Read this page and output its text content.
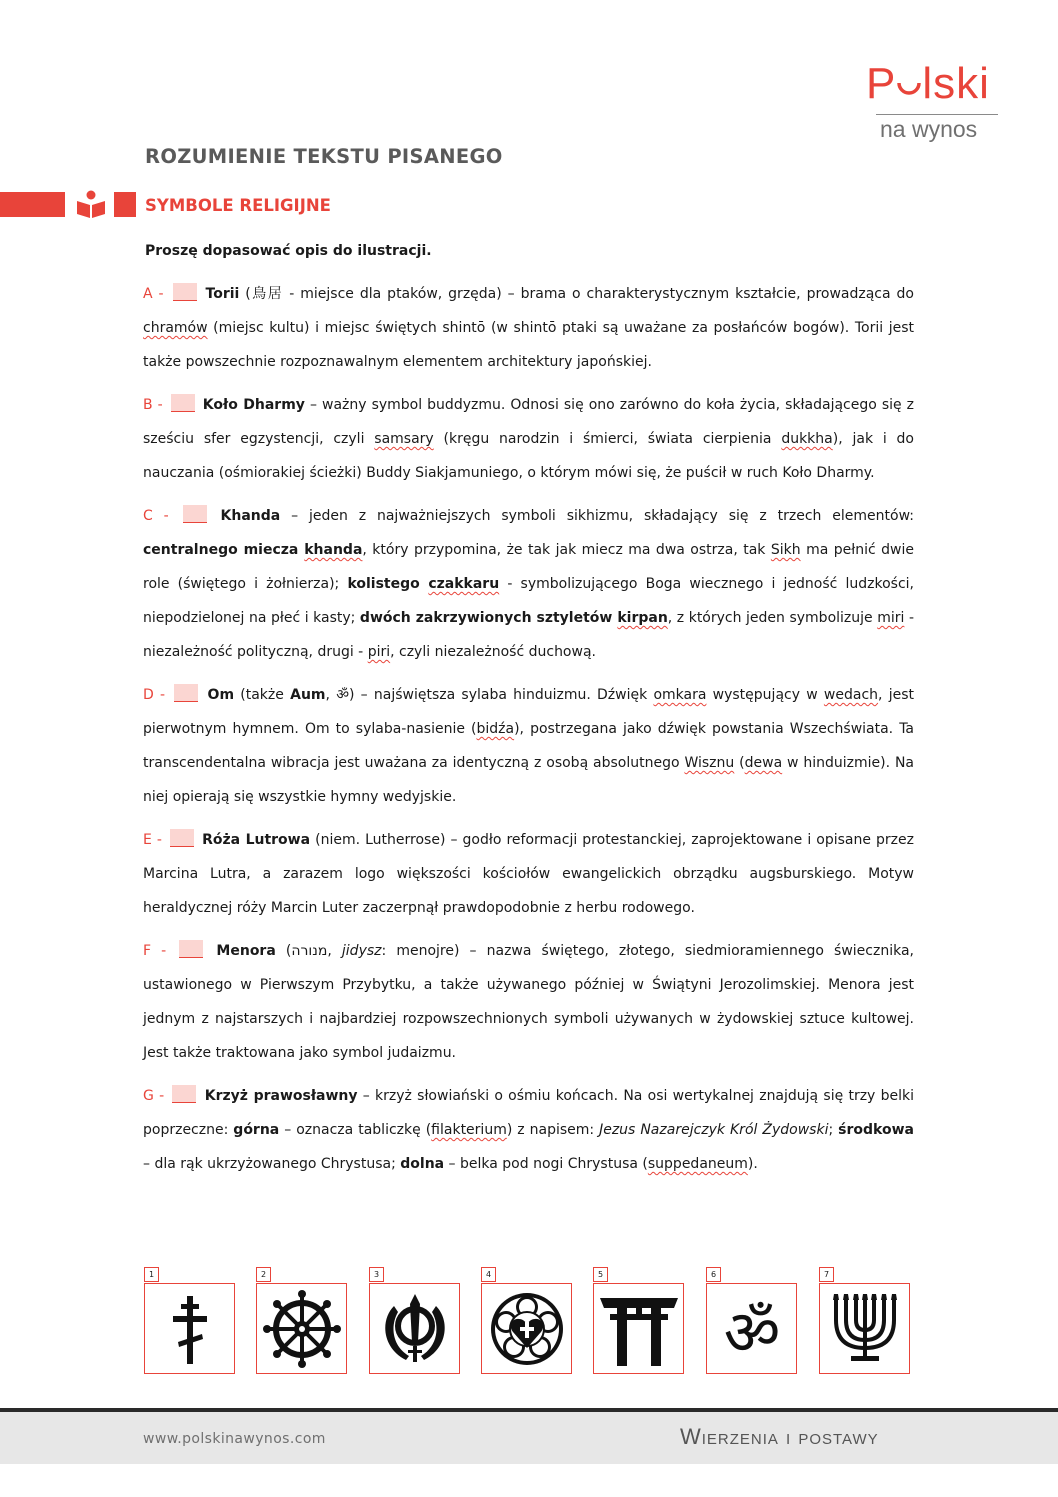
P lski
na wynos
ROZUMIENIE TEKSTU PISANEGO
SYMBOLE RELIGIJNE
Proszę dopasować opis do ilustracji.

A -	Torii (鳥居 - miejsce dla ptaków, grzęda) – brama o charakterystycznym kształcie, prowadząca do chramów (miejsc kultu) i miejsc świętych shintō (w shintō ptaki są uważane za posłańców bogów). Torii jest także powszechnie rozpoznawalnym elementem architektury japońskiej.

B -	Koło Dharmy – ważny symbol buddyzmu. Odnosi się ono zarówno do koła życia, składającego się z sześciu sfer egzystencji, czyli samsary (kręgu narodzin i śmierci, świata cierpienia dukkha), jak i do nauczania (ośmiorakiej ścieżki) Buddy Siakjamuniego, o którym mówi się, że puścił w ruch Koło Dharmy.

C -	Khanda – jeden z najważniejszych symboli sikhizmu, składający się z trzech elementów: centralnego miecza khanda, który przypomina, że tak jak miecz ma dwa ostrza, tak Sikh ma pełnić dwie role (świętego i żołnierza); kolistego czakkaru - symbolizującego Boga wiecznego i jedność ludzkości, niepodzielonej na płeć i kasty; dwóch zakrzywionych sztyletów kirpan, z których jeden symbolizuje miri - niezależność polityczną, drugi - piri, czyli niezależność duchową.

D -	Om (także Aum, ॐ) – najświętsza sylaba hinduizmu. Dźwięk omkara występujący w wedach, jest pierwotnym hymnem. Om to sylaba-nasienie (bidźa), postrzegana jako dźwięk powstania Wszechświata. Ta transcendentalna wibracja jest uważana za identyczną z osobą absolutnego Wisznu (dewa w hinduizmie). Na niej opierają się wszystkie hymny wedyjskie.

E -	Róża Lutrowa (niem. Lutherrose) – godło reformacji protestanckiej, zaprojektowane i opisane przez Marcina Lutra, a zarazem logo większości kościołów ewangelickich obrządku augsburskiego. Motyw heraldycznej róży Marcin Luter zaczerpnął prawdopodobnie z herbu rodowego.

F -	Menora (מנורה, jidysz: menojre) – nazwa świętego, złotego, siedmioramiennego świecznika, ustawionego w Pierwszym Przybytku, a także używanego później w Świątyni Jerozolimskiej. Menora jest jednym z najstarszych i najbardziej rozpowszechnionych symboli używanych w żydowskiej sztuce kultowej. Jest także traktowana jako symbol judaizmu.

G -	Krzyż prawosławny – krzyż słowiański o ośmiu końcach. Na osi wertykalnej znajdują się trzy belki poprzeczne: górna – oznacza tabliczkę (filakterium) z napisem: Jezus Nazarejczyk Król Żydowski; środkowa – dla rąk ukrzyżowanego Chrystusa; dolna – belka pod nogi Chrystusa (suppedaneum).

1	2	3	4	5	6
ॐ
7
www.polskinawynos.com	Wierzenia i postawy
